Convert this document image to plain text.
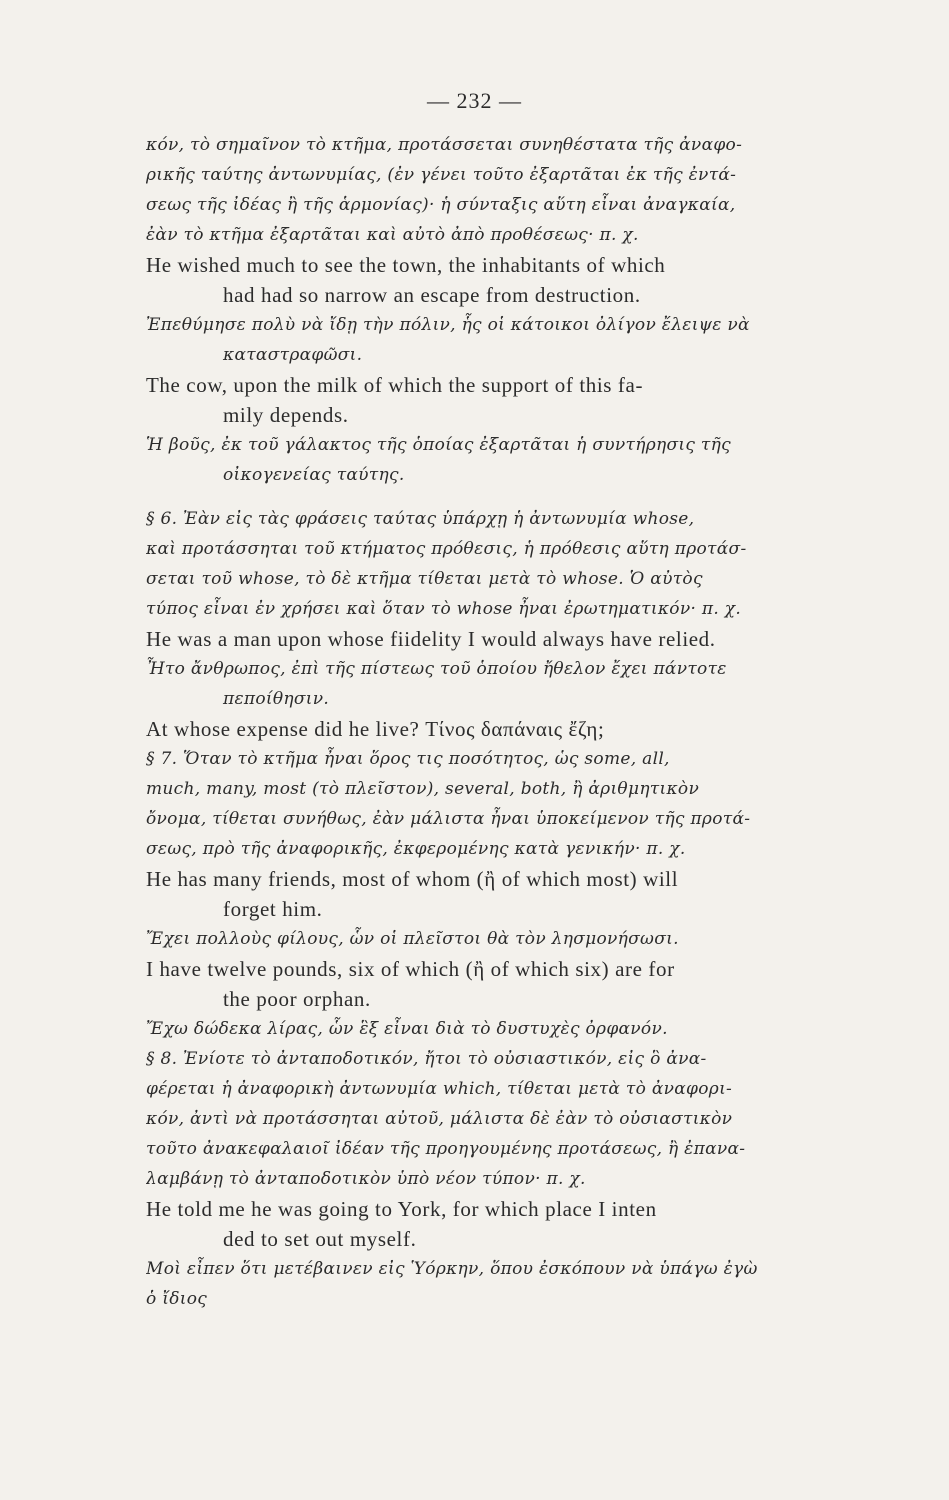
— 232 —
κόν, τὸ σημαῖνον τὸ κτῆμα, προτάσσεται συνηθέστατα τῆς ἀναφο-
ρικῆς ταύτης ἀντωνυμίας, (ἐν γένει τοῦτο ἐξαρτᾶται ἐκ τῆς ἐντά-
σεως τῆς ἰδέας ἢ τῆς ἁρμονίας)· ἡ σύνταξις αὕτη εἶναι ἀναγκαία,
ἐὰν τὸ κτῆμα ἐξαρτᾶται καὶ αὐτὸ ἀπὸ προθέσεως· π. χ.
He wished much to see the town, the inhabitants of which
had had so narrow an escape from destruction.
Ἐπεθύμησε πολὺ νὰ ἴδῃ τὴν πόλιν, ἧς οἱ κάτοικοι ὀλίγον ἔλειψε νὰ
καταστραφῶσι.
The cow, upon the milk of which the support of this fa-
mily depends.
Ἡ βοῦς, ἐκ τοῦ γάλακτος τῆς ὁποίας ἐξαρτᾶται ἡ συντήρησις τῆς
οἰκογενείας ταύτης.
§ 6. Ἐὰν εἰς τὰς φράσεις ταύτας ὑπάρχῃ ἡ ἀντωνυμία whose,
καὶ προτάσσηται τοῦ κτήματος πρόθεσις, ἡ πρόθεσις αὕτη προτάσ-
σεται τοῦ whose, τὸ δὲ κτῆμα τίθεται μετὰ τὸ whose. Ὁ αὐτὸς
τύπος εἶναι ἐν χρήσει καὶ ὅταν τὸ whose ἦναι ἐρωτηματικόν· π. χ.
He was a man upon whose fiidelity I would always have relied.
Ἦτο ἄνθρωπος, ἐπὶ τῆς πίστεως τοῦ ὁποίου ἤθελον ἔχει πάντοτε
πεποίθησιν.
At whose expense did he live? Τίνος δαπάναις ἔζη;
§ 7. Ὅταν τὸ κτῆμα ἦναι ὅρος τις ποσότητος, ὡς some, all,
much, many, most (τὸ πλεῖστον), several, both, ἢ ἀριθμητικὸν
ὄνομα, τίθεται συνήθως, ἐὰν μάλιστα ἦναι ὑποκείμενον τῆς προτά-
σεως, πρὸ τῆς ἀναφορικῆς, ἐκφερομένης κατὰ γενικήν· π. χ.
He has many friends, most of whom (ἢ of which most) will
forget him.
Ἔχει πολλοὺς φίλους, ὧν οἱ πλεῖστοι θὰ τὸν λησμονήσωσι.
I have twelve pounds, six of which (ἢ of which six) are for
the poor orphan.
Ἔχω δώδεκα λίρας, ὧν ἓξ εἶναι διὰ τὸ δυστυχὲς ὀρφανόν.
§ 8. Ἐνίοτε τὸ ἀνταποδοτικόν, ἤτοι τὸ οὐσιαστικόν, εἰς ὃ ἀνα-
φέρεται ἡ ἀναφορικὴ ἀντωνυμία which, τίθεται μετὰ τὸ ἀναφορι-
κόν, ἀντὶ νὰ προτάσσηται αὐτοῦ, μάλιστα δὲ ἐὰν τὸ οὐσιαστικὸν
τοῦτο ἀνακεφαλαιοῖ ἰδέαν τῆς προηγουμένης προτάσεως, ἢ ἐπανα-
λαμβάνῃ τὸ ἀνταποδοτικὸν ὑπὸ νέον τύπον· π. χ.
He told me he was going to York, for which place I inten
ded to set out myself.
Μοὶ εἶπεν ὅτι μετέβαινεν εἰς Ὑόρκην, ὅπου ἐσκόπουν νὰ ὑπάγω ἐγὼ
ὁ ἴδιος
